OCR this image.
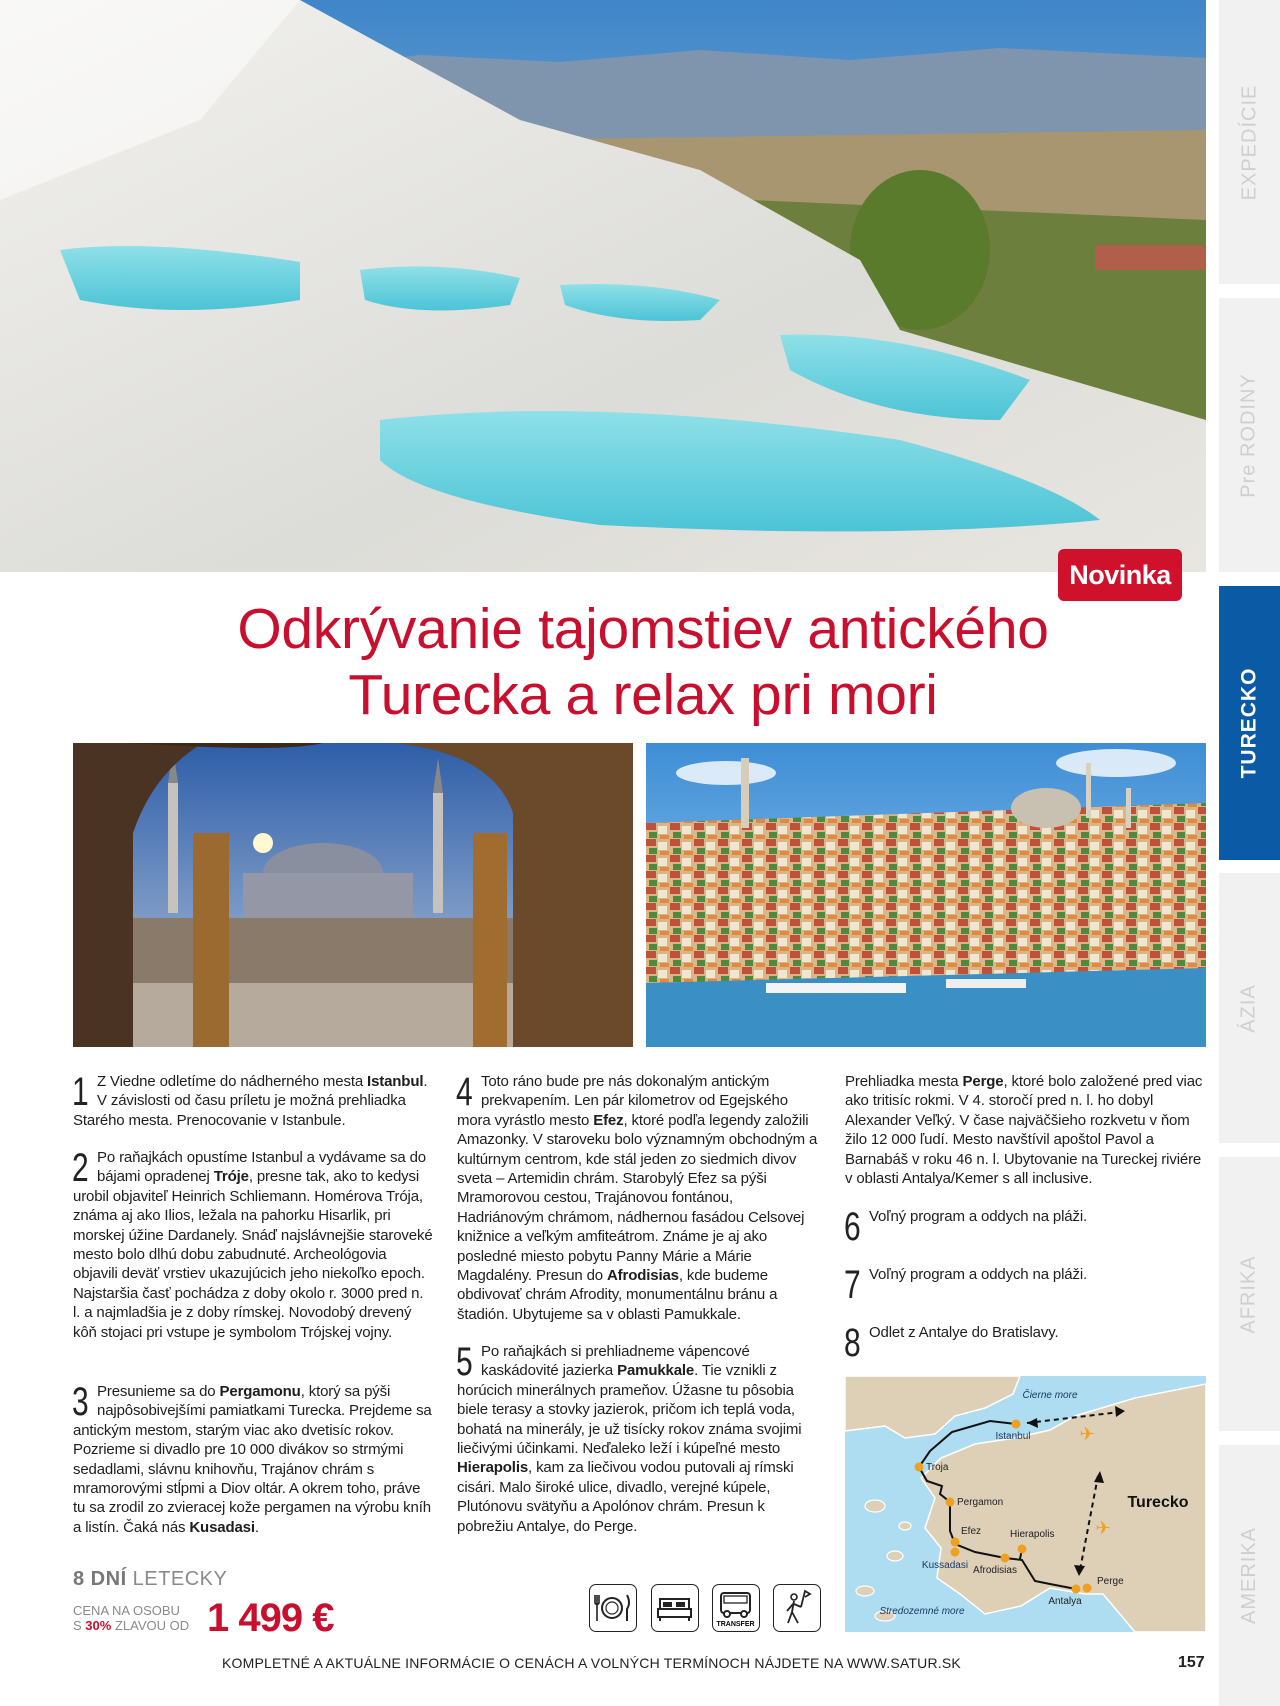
Novinka
Odkrývanie tajomstiev antického
Turecka a relax pri mori
1 Z Viedne odletíme do nádherného mesta Istanbul. V závislosti od času príletu je možná prehliadka Starého mesta. Prenocovanie v Istanbule.
2 Po raňajkách opustíme Istanbul a vydávame sa do bájami opradenej Tróje, presne tak, ako to kedysi urobil objaviteľ Heinrich Schliemann. Homérova Trója, známa aj ako Ilios, ležala na pahorku Hisarlik, pri morskej úžine Dardanely. Snáď najslávnejšie staroveké mesto bolo dlhú dobu zabudnuté. Archeológovia objavili deväť vrstiev ukazujúcich jeho niekoľko epoch. Najstaršia časť pochádza z doby okolo r. 3000 pred n. l. a najmladšia je z doby rímskej. Novodobý drevený kôň stojaci pri vstupe je symbolom Trójskej vojny.
3 Presunieme sa do Pergamonu, ktorý sa pýši najpôsobivejšími pamiatkami Turecka. Prejdeme sa antickým mestom, starým viac ako dvetisíc rokov. Pozrieme si divadlo pre 10 000 divákov so strmými sedadlami, slávnu knihovňu, Trajánov chrám s mramorovými stĺpmi a Diov oltár. A okrem toho, práve tu sa zrodil zo zvieracej kože pergamen na výrobu kníh a listín. Čaká nás Kusadasi.
4 Toto ráno bude pre nás dokonalým antickým prekvapením. Len pár kilometrov od Egejského mora vyrástlo mesto Efez, ktoré podľa legendy založili Amazonky. V staroveku bolo významným obchodným a kultúrnym centrom, kde stál jeden zo siedmich divov sveta – Artemidin chrám. Starobylý Efez sa pýši Mramorovou cestou, Trajánovou fontánou, Hadriánovým chrámom, nádhernou fasádou Celsovej knižnice a veľkým amfiteátrom. Známe je aj ako posledné miesto pobytu Panny Márie a Márie Magdalény. Presun do Afrodisias, kde budeme obdivovať chrám Afrodity, monumentálnu bránu a štadión. Ubytujeme sa v oblasti Pamukkale.
5 Po raňajkách si prehliadneme vápencové kaskádovité jazierka Pamukkale. Tie vznikli z horúcich minerálnych prameňov. Úžasne tu pôsobia biele terasy a stovky jazierok, pričom ich teplá voda, bohatá na minerály, je už tisícky rokov známa svojimi liečivými účinkami. Neďaleko leží i kúpeľné mesto Hierapolis, kam za liečivou vodou putovali aj rímski cisári. Malo široké ulice, divadlo, verejné kúpele, Plutónovu svätyňu a Apolónov chrám. Presun k pobrežiu Antalye, do Perge.
Prehliadka mesta Perge, ktoré bolo založené pred viac ako tritisíc rokmi. V 4. storočí pred n. l. ho dobyl Alexander Veľký. V čase najväčšieho rozkvetu v ňom žilo 12 000 ľudí. Mesto navštívil apoštol Pavol a Barnabáš v roku 46 n. l. Ubytovanie na Tureckej riviére v oblasti Antalya/Kemer s all inclusive.
6 Voľný program a oddych na pláži.
7 Voľný program a oddych na pláži.
8 Odlet z Antalye do Bratislavy.
✈
✈
Istanbul
Troja
Pergamon
Efez
Kussadasi Afrodisias
Hierapolis
Antalya
Perge
Čierne more
Stredozemné more
Turecko
EXPEDÍCIE
Pre RODINY
TURECKO
ÁZIA
AFRIKA
AMERIKA
8 DNÍ LETECKY
CENA NA OSOBU
S 30% ZLAVOU OD 1 499 €	TRANSFER
KOMPLETNÉ A AKTUÁLNE INFORMÁCIE O CENÁCH A VOLNÝCH TERMÍNOCH NÁJDETE NA WWW.SATUR.SK	157
